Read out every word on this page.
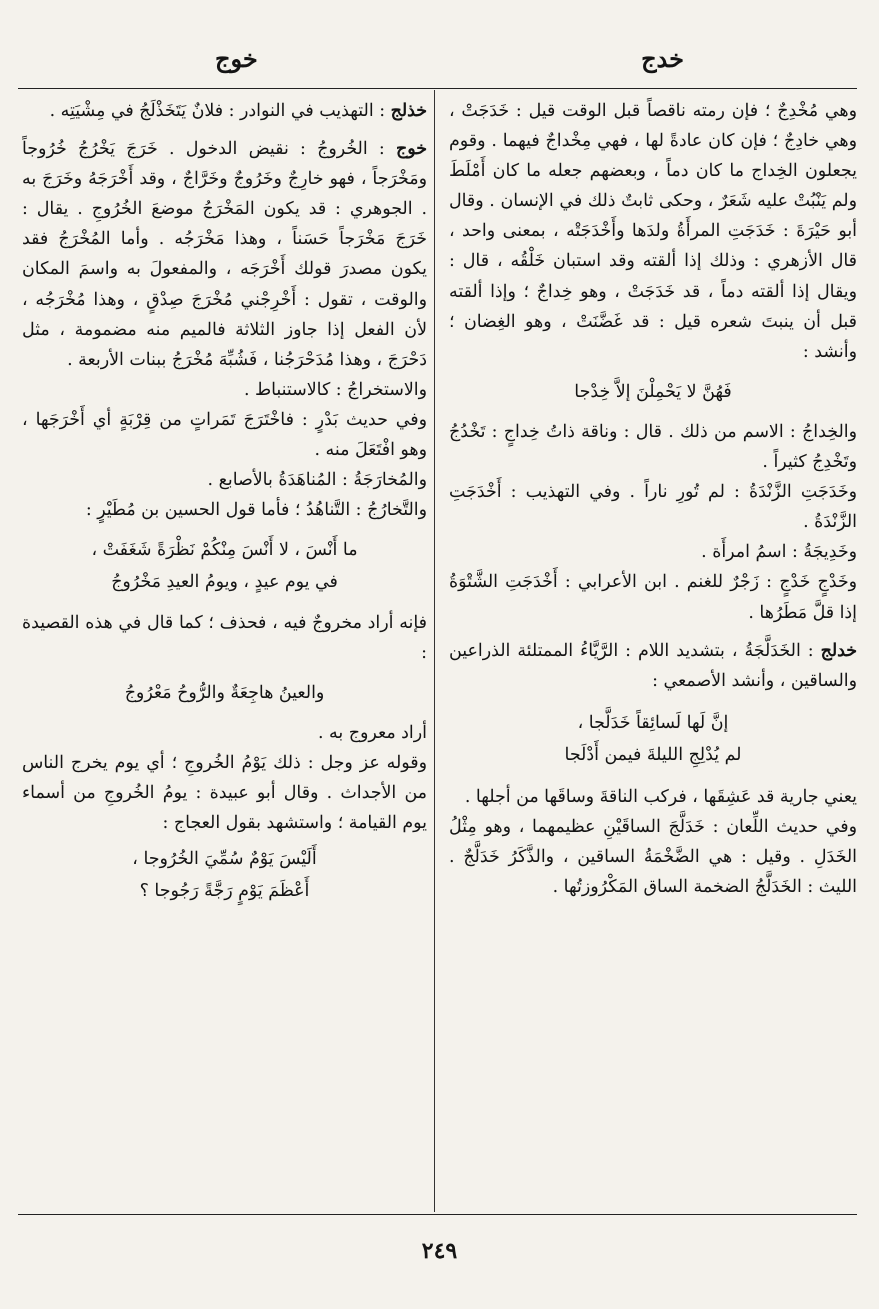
خدج
خوج

وهي مُخْدِجٌ ؛ فإن رمته ناقصاً قبل الوقت قيل : خَدَجَتْ ، وهي خادِجٌ ؛ فإن كان عادةً لها ، فهي مِخْداجٌ فيهما . وقوم يجعلون الخِداج ما كان دماً ، وبعضهم جعله ما كان أَمْلَطَ ولم يَنْبُتْ عليه شَعَرٌ ، وحكى ثابتٌ ذلك في الإنسان . وقال أبو حَيْرَةَ : خَدَجَتِ المرأَةُ ولدَها وأَخْدَجَتْه ، بمعنى واحد ، قال الأزهري : وذلك إذا ألقته وقد استبان خَلْقُه ، قال : ويقال إذا ألقته دماً ، قد خَدَجَتْ ، وهو خِداجٌ ؛ وإذا ألقته قبل أن ينبتَ شعره قيل : قد غَضَّنَتْ ، وهو الغِضان ؛ وأنشد :

فَهُنَّ لا يَحْمِلْنَ إلاَّ خِدْجا

والخِداجُ : الاسم من ذلك . قال : وناقة ذاتُ خِداجٍ : تَخْدُجُ وتَخْدِجُ كثيراً .

وخَدَجَتِ الزَّنْدَةُ : لم تُورِ ناراً . وفي التهذيب : أَخْدَجَتِ الزَّنْدَةُ .

وخَدِيجَةُ : اسمُ امرأَة .

وخَدْجٍ خَدْجٍ : زَجْرٌ للغنم . ابن الأعرابي : أَخْدَجَتِ الشَّتْوَةُ إذا قلَّ مَطَرُها .

خدلج : الخَدَلَّجَةُ ، بتشديد اللام : الرَّيَّاءُ الممتلئة الذراعين والساقين ، وأنشد الأصمعي :

إنَّ لَها لَسائِقاً خَدَلَّجا ،

لم يُدْلِجِ الليلةَ فيمن أَدْلَجا

يعني جارية قد عَشِقَها ، فركب الناقةَ وساقَها من أجلها .

وفي حديث اللِّعان : خَدَلَّجَ الساقَيْنِ عظيمهما ، وهو مِثْلُ الخَدَلِ . وقيل : هي الضَّخْمَةُ الساقين ، والذَّكَرُ خَدَلَّجٌ . الليث : الخَدَلَّجُ الضخمة الساق المَكْرُوزتُها .

خذلج : التهذيب في النوادر : فلانٌ يَتَخَذْلَجُ في مِشْيَتِه .

خوج : الخُروجُ : نقيض الدخول . خَرَجَ يَخْرُجُ خُرُوجاً ومَخْرَجاً ، فهو خارِجٌ وخَرُوجٌ وخَرَّاجٌ ، وقد أَخْرَجَهُ وخَرَجَ به . الجوهري : قد يكون المَخْرَجُ موضعَ الخُرُوجِ . يقال : خَرَجَ مَخْرَجاً حَسَناً ، وهذا مَخْرَجُه . وأما المُخْرَجُ فقد يكون مصدرَ قولك أَخْرَجَه ، والمفعولَ به واسمَ المكان والوقت ، تقول : أَخْرِجْني مُخْرَجَ صِدْقٍ ، وهذا مُخْرَجُه ، لأن الفعل إذا جاوز الثلاثة فالميم منه مضمومة ، مثل دَحْرَجَ ، وهذا مُدَحْرَجُنا ، فَشُبِّهَ مُخْرَجُ ببنات الأربعة .

والاستخراجُ : كالاستنباط .

وفي حديث بَدْرٍ : فاخْتَرَجَ تَمَراتٍ من قِرْبَةٍ أي أَخْرَجَها ، وهو افْتَعَلَ منه .

والمُخارَجَةُ : المُناهَدَةُ بالأصابع .

والتَّخارُجُ : التَّناهُدُ ؛ فأما قول الحسين بن مُطَيْرٍ :

ما أَنْسَ ، لا أَنْسَ مِنْكُمْ نَظْرَةً شَغَفَتْ ،

في يوم عيدٍ ، ويومُ العيدِ مَخْرُوجُ

فإنه أراد مخروجٌ فيه ، فحذف ؛ كما قال في هذه القصيدة :

والعينُ هاجِعَةٌ والرُّوحُ مَعْرُوجُ

أراد معروج به .

وقوله عز وجل : ذلك يَوْمُ الخُروجِ ؛ أي يوم يخرج الناس من الأجداث . وقال أبو عبيدة : يومُ الخُروجِ من أسماء يوم القيامة ؛ واستشهد بقول العجاج :

أَلَيْسَ يَوْمٌ سُمِّيَ الخُرُوجا ،

أَعْظَمَ يَوْمٍ رَجَّةً رَجُوجا ؟

٢٤٩
